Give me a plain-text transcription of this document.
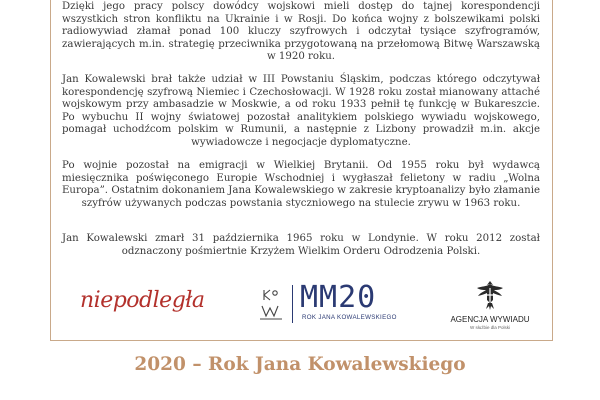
Dzięki jego pracy polscy dowódcy wojskowi mieli dostęp do tajnej korespondencji wszystkich stron konfliktu na Ukrainie i w Rosji. Do końca wojny z bolszewikami polski radiowywiad złamał ponad 100 kluczy szyfrowych i odczytał tysiące szyfrogramów, zawierających m.in. strategię przeciwnika przygotowaną na przełomową Bitwę Warszawską w 1920 roku.

Jan Kowalewski brał także udział w III Powstaniu Śląskim, podczas którego odczytywał korespondencję szyfrową Niemiec i Czechosłowacji. W 1928 roku został mianowany attaché wojskowym przy ambasadzie w Moskwie, a od roku 1933 pełnił tę funkcję w Bukareszcie. Po wybuchu II wojny światowej pozostał analitykiem polskiego wywiadu wojskowego, pomagał uchodźcom polskim w Rumunii, a następnie z Lizbony prowadził m.in. akcje wywiadowcze i negocjacje dyplomatyczne.

Po wojnie pozostał na emigracji w Wielkiej Brytanii. Od 1955 roku był wydawcą miesięcznika poświęconego Europie Wschodniej i wygłaszał felietony w radiu „Wolna Europa”. Ostatnim dokonaniem Jana Kowalewskiego w zakresie kryptoanalizy było złamanie szyfrów używanych podczas powstania styczniowego na stulecie zrywu w 1963 roku.

Jan Kowalewski zmarł 31 października 1965 roku w Londynie. W roku 2012 został odznaczony pośmiertnie Krzyżem Wielkim Orderu Odrodzenia Polski.

niepodległa	MM20
ROK JANA KOWALEWSKIEGO	AGENCJA WYWIADU
W służbie dla Polski
2020 – Rok Jana Kowalewskiego
